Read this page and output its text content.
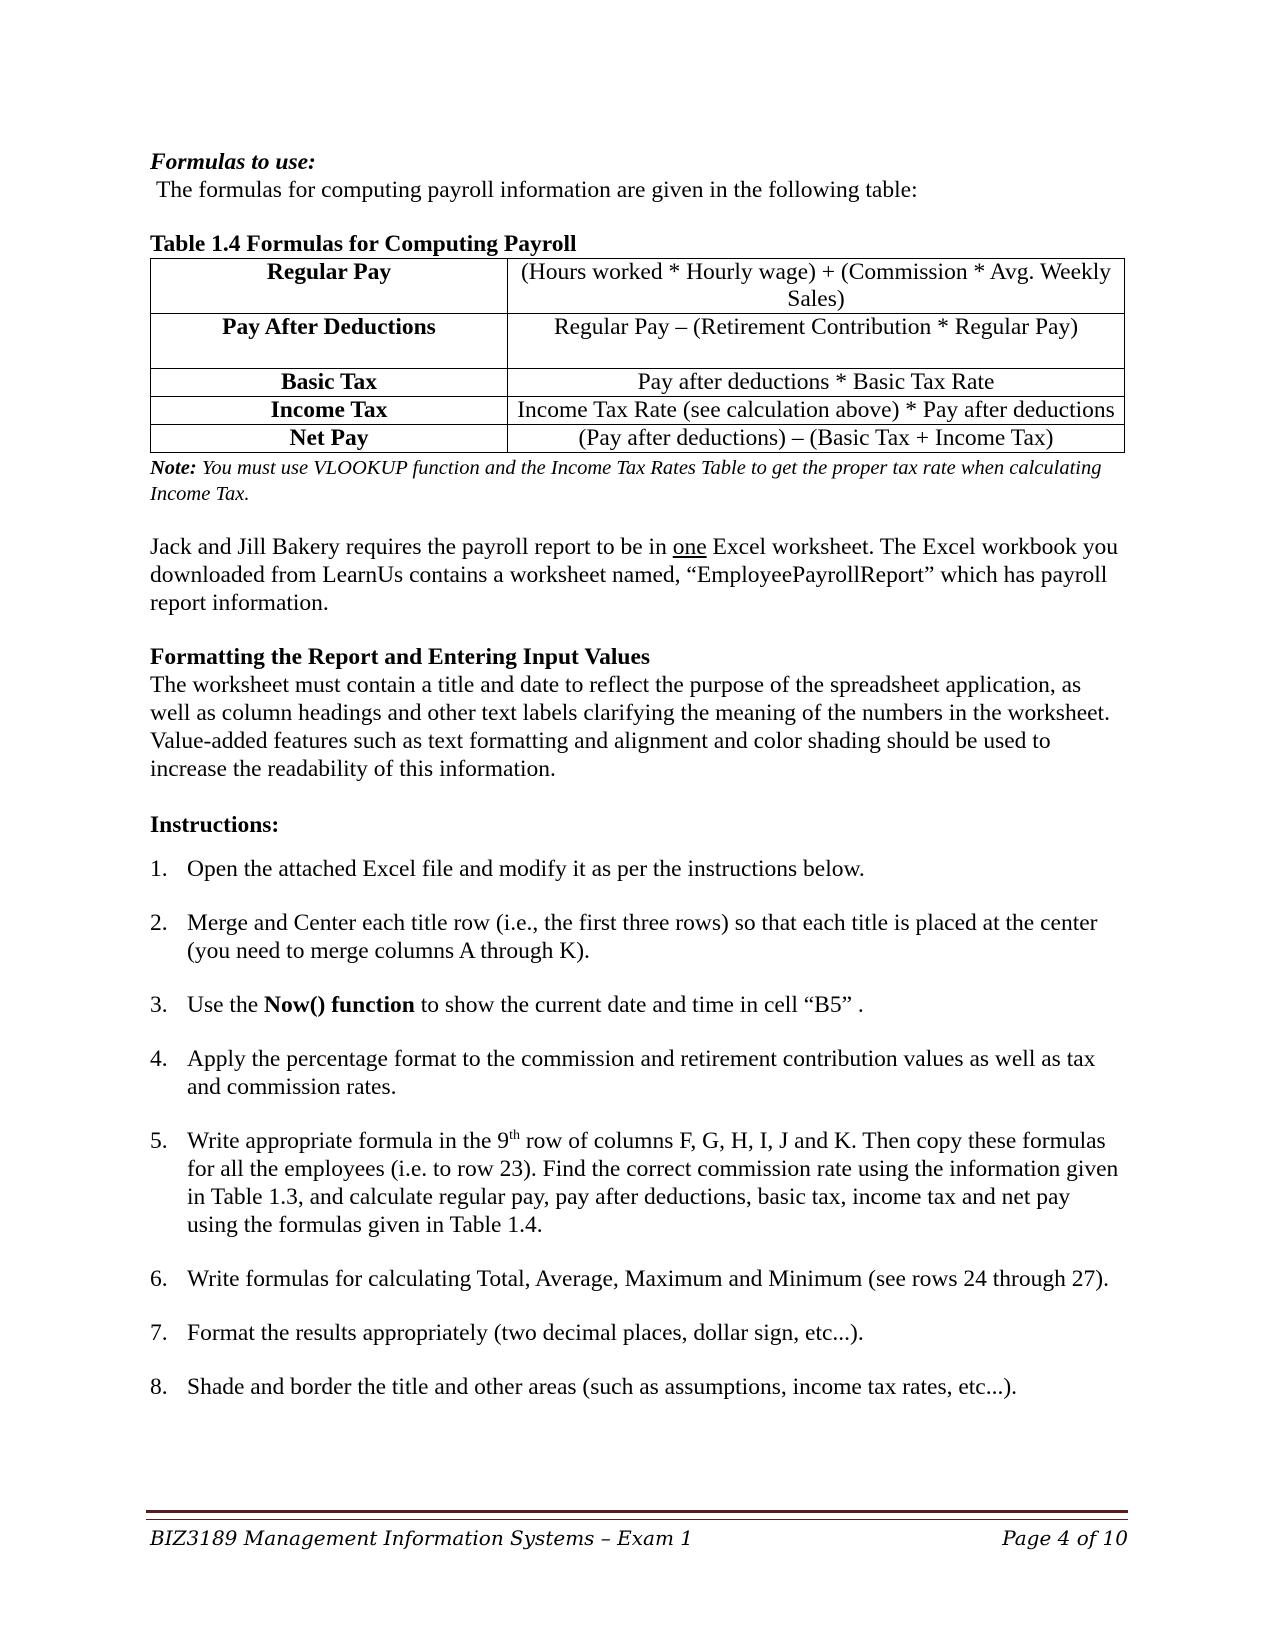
Formulas to use:

The formulas for computing payroll information are given in the following table:

Table 1.4 Formulas for Computing Payroll

Regular Pay	(Hours worked * Hourly wage) + (Commission * Avg. Weekly Sales)
Pay After Deductions	Regular Pay – (Retirement Contribution * Regular Pay)
Basic Tax	Pay after deductions * Basic Tax Rate
Income Tax	Income Tax Rate (see calculation above) * Pay after deductions
Net Pay	(Pay after deductions) – (Basic Tax + Income Tax)

Note: You must use VLOOKUP function and the Income Tax Rates Table to get the proper tax rate when calculating Income Tax.

Jack and Jill Bakery requires the payroll report to be in one Excel worksheet. The Excel workbook you downloaded from LearnUs contains a worksheet named, “EmployeePayrollReport” which has payroll report information.

Formatting the Report and Entering Input Values

The worksheet must contain a title and date to reflect the purpose of the spreadsheet application, as well as column headings and other text labels clarifying the meaning of the numbers in the worksheet. Value-added features such as text formatting and alignment and color shading should be used to increase the readability of this information.

Instructions:

1. Open the attached Excel file and modify it as per the instructions below.
2. Merge and Center each title row (i.e., the first three rows) so that each title is placed at the center (you need to merge columns A through K).
3. Use the Now() function to show the current date and time in cell “B5” .
4. Apply the percentage format to the commission and retirement contribution values as well as tax and commission rates.
5. Write appropriate formula in the 9th row of columns F, G, H, I, J and K. Then copy these formulas for all the employees (i.e. to row 23). Find the correct commission rate using the information given in Table 1.3, and calculate regular pay, pay after deductions, basic tax, income tax and net pay using the formulas given in Table 1.4.
6. Write formulas for calculating Total, Average, Maximum and Minimum (see rows 24 through 27).
7. Format the results appropriately (two decimal places, dollar sign, etc...).
8. Shade and border the title and other areas (such as assumptions, income tax rates, etc...).
BIZ3189 Management Information Systems – Exam 1	Page 4 of 10
